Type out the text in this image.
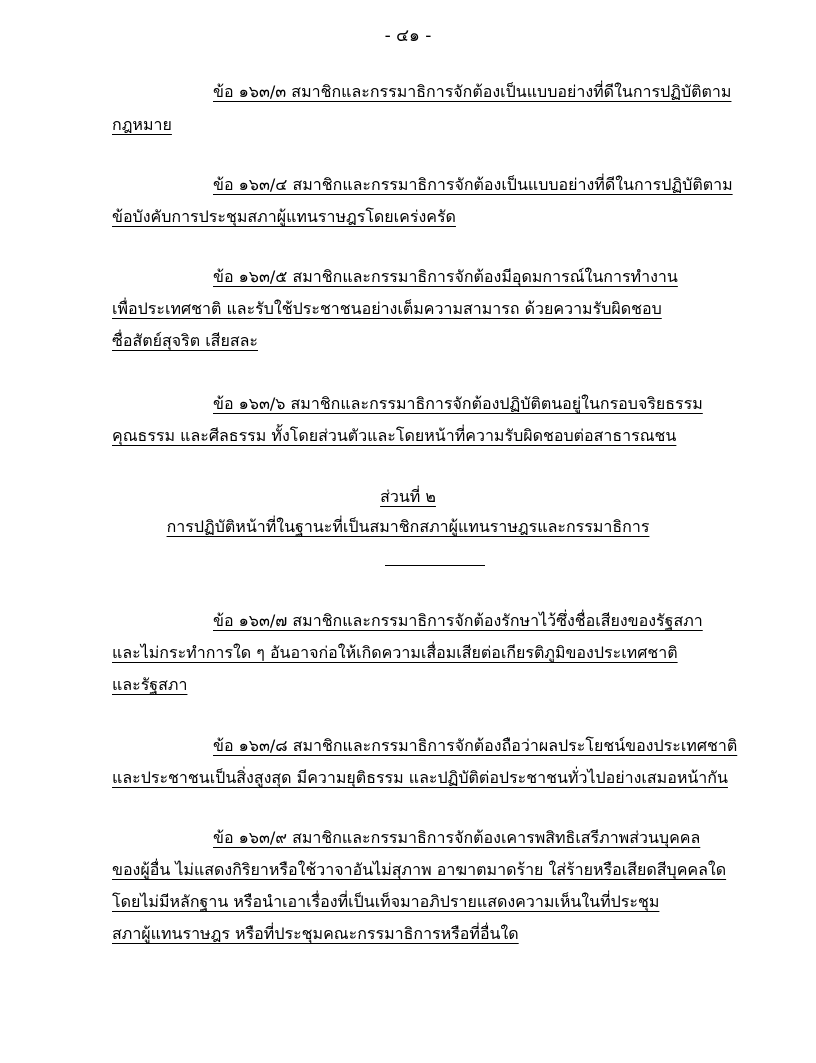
- ๔๑ -
ข้อ ๑๖๓/๓ สมาชิกและกรรมาธิการจักต้องเป็นแบบอย่างที่ดีในการปฏิบัติตาม
กฎหมาย
ข้อ ๑๖๓/๔ สมาชิกและกรรมาธิการจักต้องเป็นแบบอย่างที่ดีในการปฏิบัติตาม
ข้อบังคับการประชุมสภาผู้แทนราษฎรโดยเคร่งครัด
ข้อ ๑๖๓/๕ สมาชิกและกรรมาธิการจักต้องมีอุดมการณ์ในการทำงาน
เพื่อประเทศชาติ และรับใช้ประชาชนอย่างเต็มความสามารถ ด้วยความรับผิดชอบ
ซื่อสัตย์สุจริต เสียสละ
ข้อ ๑๖๓/๖ สมาชิกและกรรมาธิการจักต้องปฏิบัติตนอยู่ในกรอบจริยธรรม
คุณธรรม และศีลธรรม ทั้งโดยส่วนตัวและโดยหน้าที่ความรับผิดชอบต่อสาธารณชน
ส่วนที่ ๒
การปฏิบัติหน้าที่ในฐานะที่เป็นสมาชิกสภาผู้แทนราษฎรและกรรมาธิการ
ข้อ ๑๖๓/๗ สมาชิกและกรรมาธิการจักต้องรักษาไว้ซึ่งชื่อเสียงของรัฐสภา
และไม่กระทำการใด ๆ อันอาจก่อให้เกิดความเสื่อมเสียต่อเกียรติภูมิของประเทศชาติ
และรัฐสภา
ข้อ ๑๖๓/๘ สมาชิกและกรรมาธิการจักต้องถือว่าผลประโยชน์ของประเทศชาติ
และประชาชนเป็นสิ่งสูงสุด มีความยุติธรรม และปฏิบัติต่อประชาชนทั่วไปอย่างเสมอหน้ากัน
ข้อ ๑๖๓/๙ สมาชิกและกรรมาธิการจักต้องเคารพสิทธิเสรีภาพส่วนบุคคล
ของผู้อื่น ไม่แสดงกิริยาหรือใช้วาจาอันไม่สุภาพ อาฆาตมาดร้าย ใส่ร้ายหรือเสียดสีบุคคลใด
โดยไม่มีหลักฐาน หรือนำเอาเรื่องที่เป็นเท็จมาอภิปรายแสดงความเห็นในที่ประชุม
สภาผู้แทนราษฎร หรือที่ประชุมคณะกรรมาธิการหรือที่อื่นใด
